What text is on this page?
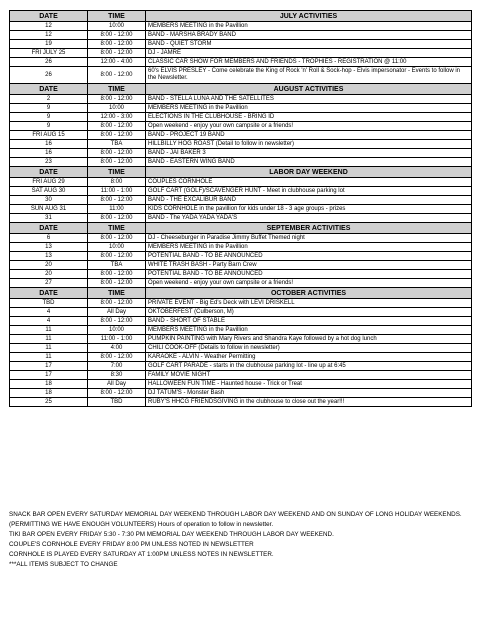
DATE	TIME	JULY ACTIVITIES
12	10:00	MEMBERS MEETING in the Pavillion
12	8:00 - 12:00	BAND - MARSHA BRADY BAND
19	8:00 - 12:00	BAND - QUIET STORM
FRI JULY 25	8:00 - 12:00	DJ - JAMRE
26	12:00 - 4:00	CLASSIC CAR SHOW FOR MEMBERS AND FRIENDS - TROPHIES - REGISTRATION @ 11:00
26	8:00 - 12:00	60's ELVIS PRESLEY - Come celebrate the King of Rock 'n' Roll & Sock-hop - Elvis impersonator - Events to follow in the Newsletter.
DATE	TIME	AUGUST ACTIVITIES
2	8:00 - 12:00	BAND - STELLA LUNA AND THE SATELLITES
9	10:00	MEMBERS MEETING in the Pavillion
9	12:00 - 3:00	ELECTIONS IN THE CLUBHOUSE - BRING ID
9	8:00 - 12:00	Open weekend - enjoy your own campsite or a friends!
FRI AUG 15	8:00 - 12:00	BAND - PROJECT 19 BAND
16	TBA	HILLBILLY HOG ROAST (Detail to follow in newsletter)
16	8:00 - 12:00	BAND - JAI BAKER 3
23	8:00 - 12:00	BAND - EASTERN WING BAND
DATE	TIME	LABOR DAY WEEKEND
FRI AUG 29	8:00	COUPLES CORNHOLE
SAT AUG 30	11:00 - 1:00	GOLF CART (GOLF)/SCAVENGER HUNT - Meet in clubhouse parking lot
30	8:00 - 12:00	BAND - THE EXCALIBUR BAND
SUN AUG 31	11:00	KIDS CORNHOLE in the pavillion for kids under 18 - 3 age groups - prizes
31	8:00 - 12:00	BAND - The YADA YADA YADA'S
DATE	TIME	SEPTEMBER ACTIVITIES
6	8:00 - 12:00	DJ - Cheeseburger in Paradise Jimmy Buffet Themed night
13	10:00	MEMBERS MEETING in the Pavillion
13	8:00 - 12:00	POTENTIAL BAND - TO BE ANNOUNCED
20	TBA	WHITE TRASH BASH - Party Barn Crew
20	8:00 - 12:00	POTENTIAL BAND - TO BE ANNOUNCED
27	8:00 - 12:00	Open weekend - enjoy your own campsite or a friends!
DATE	TIME	OCTOBER ACTIVITIES
TBD	8:00 - 12:00	PRIVATE EVENT - Big Ed's Deck with LEVI DRISKELL
4	All Day	OKTOBERFEST (Culberson, M)
4	8:00 - 12:00	BAND - SHORT OF STABLE
11	10:00	MEMBERS MEETING in the Pavillion
11	11:00 - 1:00	PUMPKIN PAINTING with Mary Rivers and Shandra Kaye followed by a hot dog lunch
11	4:00	CHILI COOK-OFF (Details to follow in newsletter)
11	8:00 - 12:00	KARAOKE - ALVIN - Weather Permitting
17	7:00	GOLF CART PARADE - starts in the clubhouse parking lot - line up at 6:45
17	8:30	FAMILY MOVIE NIGHT
18	All Day	HALLOWEEN FUN TIME - Haunted house - Trick or Treat
18	8:00 - 12:00	DJ TATUM'S - Monster Bash
25	TBD	RUBY'S HHCG FRIENDSGIVING in the clubhouse to close out the year!!!

SNACK BAR OPEN EVERY SATURDAY MEMORIAL DAY WEEKEND THROUGH LABOR DAY WEEKEND AND ON SUNDAY OF LONG HOLIDAY WEEKENDS. (PERMITTING WE HAVE ENOUGH VOLUNTEERS) Hours of operation to follow in newsletter.

TIKI BAR OPEN EVERY FRIDAY 5:30 - 7:30 PM MEMORIAL DAY WEEKEND THROUGH LABOR DAY WEEKEND.

COUPLE'S CORNHOLE EVERY FRIDAY 8:00 PM UNLESS NOTED IN NEWSLETTER

CORNHOLE IS PLAYED EVERY SATURDAY AT 1:00PM UNLESS NOTES IN NEWSLETTER.

***ALL ITEMS SUBJECT TO CHANGE
